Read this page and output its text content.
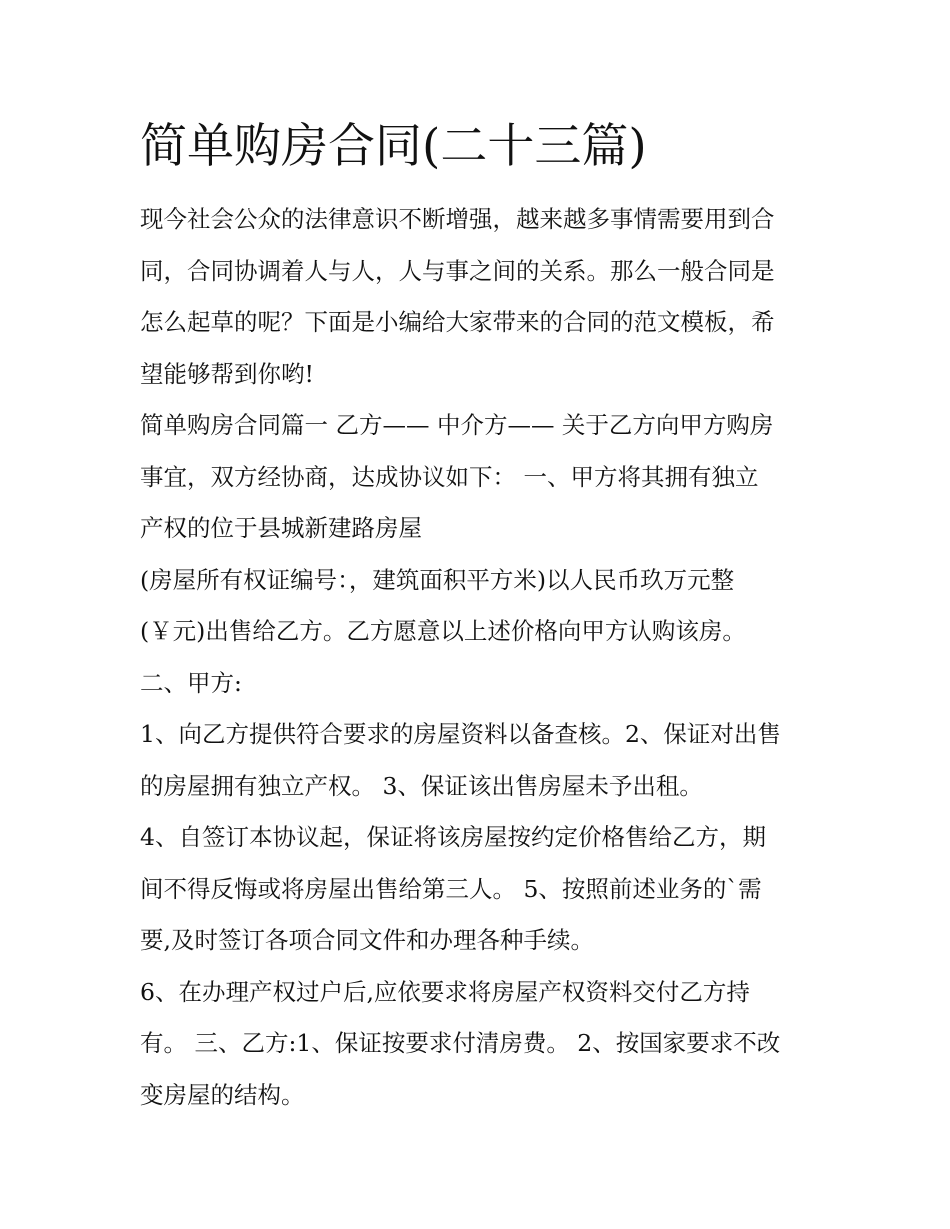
简单购房合同(二十三篇)

现今社会公众的法律意识不断增强，越来越多事情需要用到合

同，合同协调着人与人，人与事之间的关系。那么一般合同是

怎么起草的呢？下面是小编给大家带来的合同的范文模板，希

望能够帮到你哟!

简单购房合同篇一 乙方—— 中介方—— 关于乙方向甲方购房

事宜，双方经协商，达成协议如下： 一、甲方将其拥有独立

产权的位于县城新建路房屋

(房屋所有权证编号：，建筑面积平方米)以人民币玖万元整

(￥元)出售给乙方。乙方愿意以上述价格向甲方认购该房。

二、甲方:

1、向乙方提供符合要求的房屋资料以备查核。2、保证对出售

的房屋拥有独立产权。 3、保证该出售房屋未予出租。

4、自签订本协议起，保证将该房屋按约定价格售给乙方，期

间不得反悔或将房屋出售给第三人。 5、按照前述业务的`需

要,及时签订各项合同文件和办理各种手续。

6、在办理产权过户后,应依要求将房屋产权资料交付乙方持

有。 三、乙方:1、保证按要求付清房费。 2、按国家要求不改

变房屋的结构。
